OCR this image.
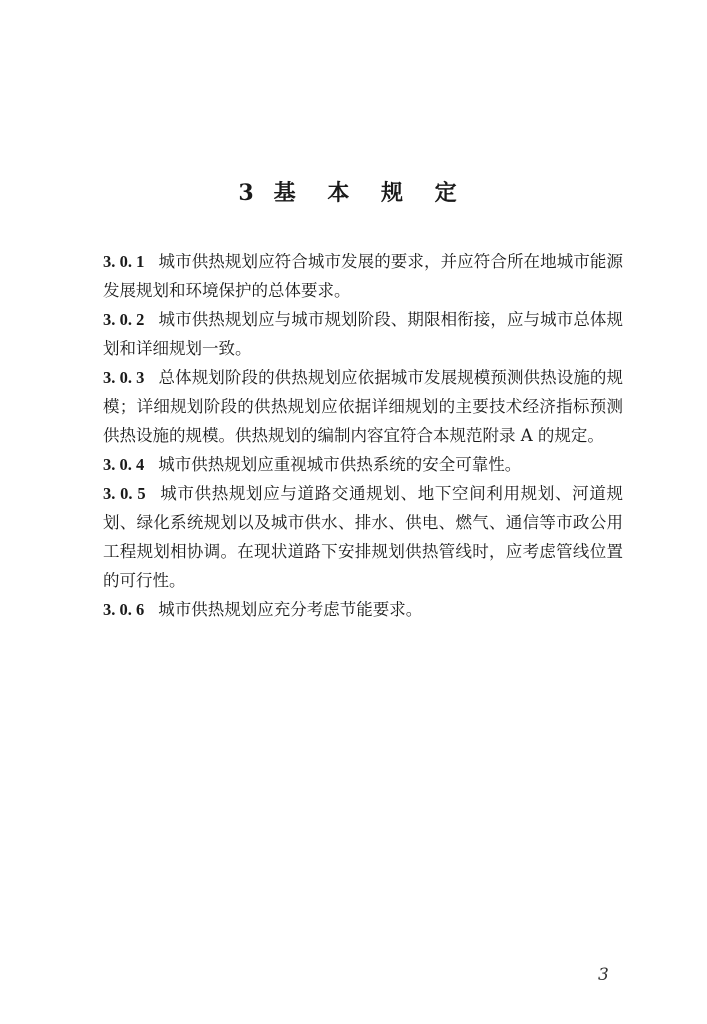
3 基 本 规 定

3. 0. 1 城市供热规划应符合城市发展的要求，并应符合所在地城市能源发展规划和环境保护的总体要求。

3. 0. 2 城市供热规划应与城市规划阶段、期限相衔接，应与城市总体规划和详细规划一致。

3. 0. 3 总体规划阶段的供热规划应依据城市发展规模预测供热设施的规模；详细规划阶段的供热规划应依据详细规划的主要技术经济指标预测供热设施的规模。供热规划的编制内容宜符合本规范附录 A 的规定。

3. 0. 4 城市供热规划应重视城市供热系统的安全可靠性。

3. 0. 5 城市供热规划应与道路交通规划、地下空间利用规划、河道规划、绿化系统规划以及城市供水、排水、供电、燃气、通信等市政公用工程规划相协调。在现状道路下安排规划供热管线时，应考虑管线位置的可行性。

3. 0. 6 城市供热规划应充分考虑节能要求。

3
